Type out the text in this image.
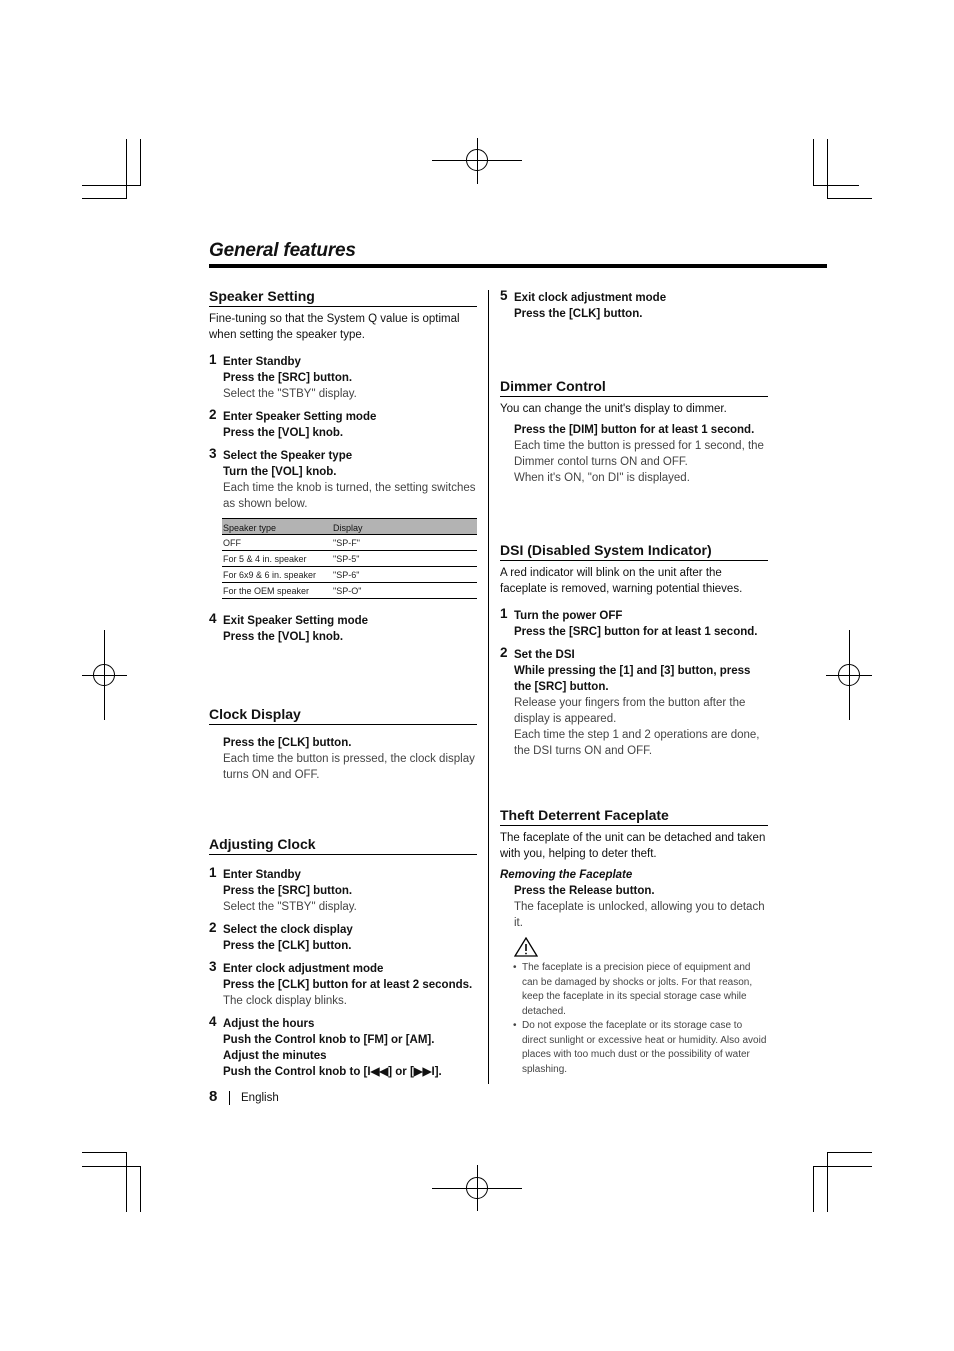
General features
Speaker Setting

Fine-tuning so that the System Q value is optimal when setting the speaker type.

1 Enter Standby
Press the [SRC] button.
Select the "STBY" display.
2 Enter Speaker Setting mode
Press the [VOL] knob.
3 Select the Speaker type
Turn the [VOL] knob.
Each time the knob is turned, the setting switches as shown below.
Speaker type	Display
OFF	"SP-F"
For 5 & 4 in. speaker	"SP-5"
For 6x9 & 6 in. speaker	"SP-6"
For the OEM speaker	"SP-O"
4 Exit Speaker Setting mode
Press the [VOL] knob.
Clock Display
Press the [CLK] button.
Each time the button is pressed, the clock display turns ON and OFF.
Adjusting Clock
1 Enter Standby
Press the [SRC] button.
Select the "STBY" display.
2 Select the clock display
Press the [CLK] button.
3 Enter clock adjustment mode
Press the [CLK] button for at least 2 seconds.
The clock display blinks.
4 Adjust the hours
Push the Control knob to [FM] or [AM].
Adjust the minutes
Push the Control knob to [I◀◀] or [▶▶I].
8 English
5 Exit clock adjustment mode
Press the [CLK] button.
Dimmer Control

You can change the unit's display to dimmer.

Press the [DIM] button for at least 1 second.
Each time the button is pressed for 1 second, the Dimmer contol turns ON and OFF.
When it's ON, "on DI" is displayed.
DSI (Disabled System Indicator)

A red indicator will blink on the unit after the faceplate is removed, warning potential thieves.

1 Turn the power OFF
Press the [SRC] button for at least 1 second.
2 Set the DSI
While pressing the [1] and [3] button, press the [SRC] button.
Release your fingers from the button after the display is appeared.
Each time the step 1 and 2 operations are done, the DSI turns ON and OFF.
Theft Deterrent Faceplate

The faceplate of the unit can be detached and taken with you, helping to deter theft.

Removing the Faceplate
Press the Release button.
The faceplate is unlocked, allowing you to detach it.
• The faceplate is a precision piece of equipment and can be damaged by shocks or jolts. For that reason, keep the faceplate in its special storage case while detached.
• Do not expose the faceplate or its storage case to direct sunlight or excessive heat or humidity. Also avoid places with too much dust or the possibility of water splashing.
